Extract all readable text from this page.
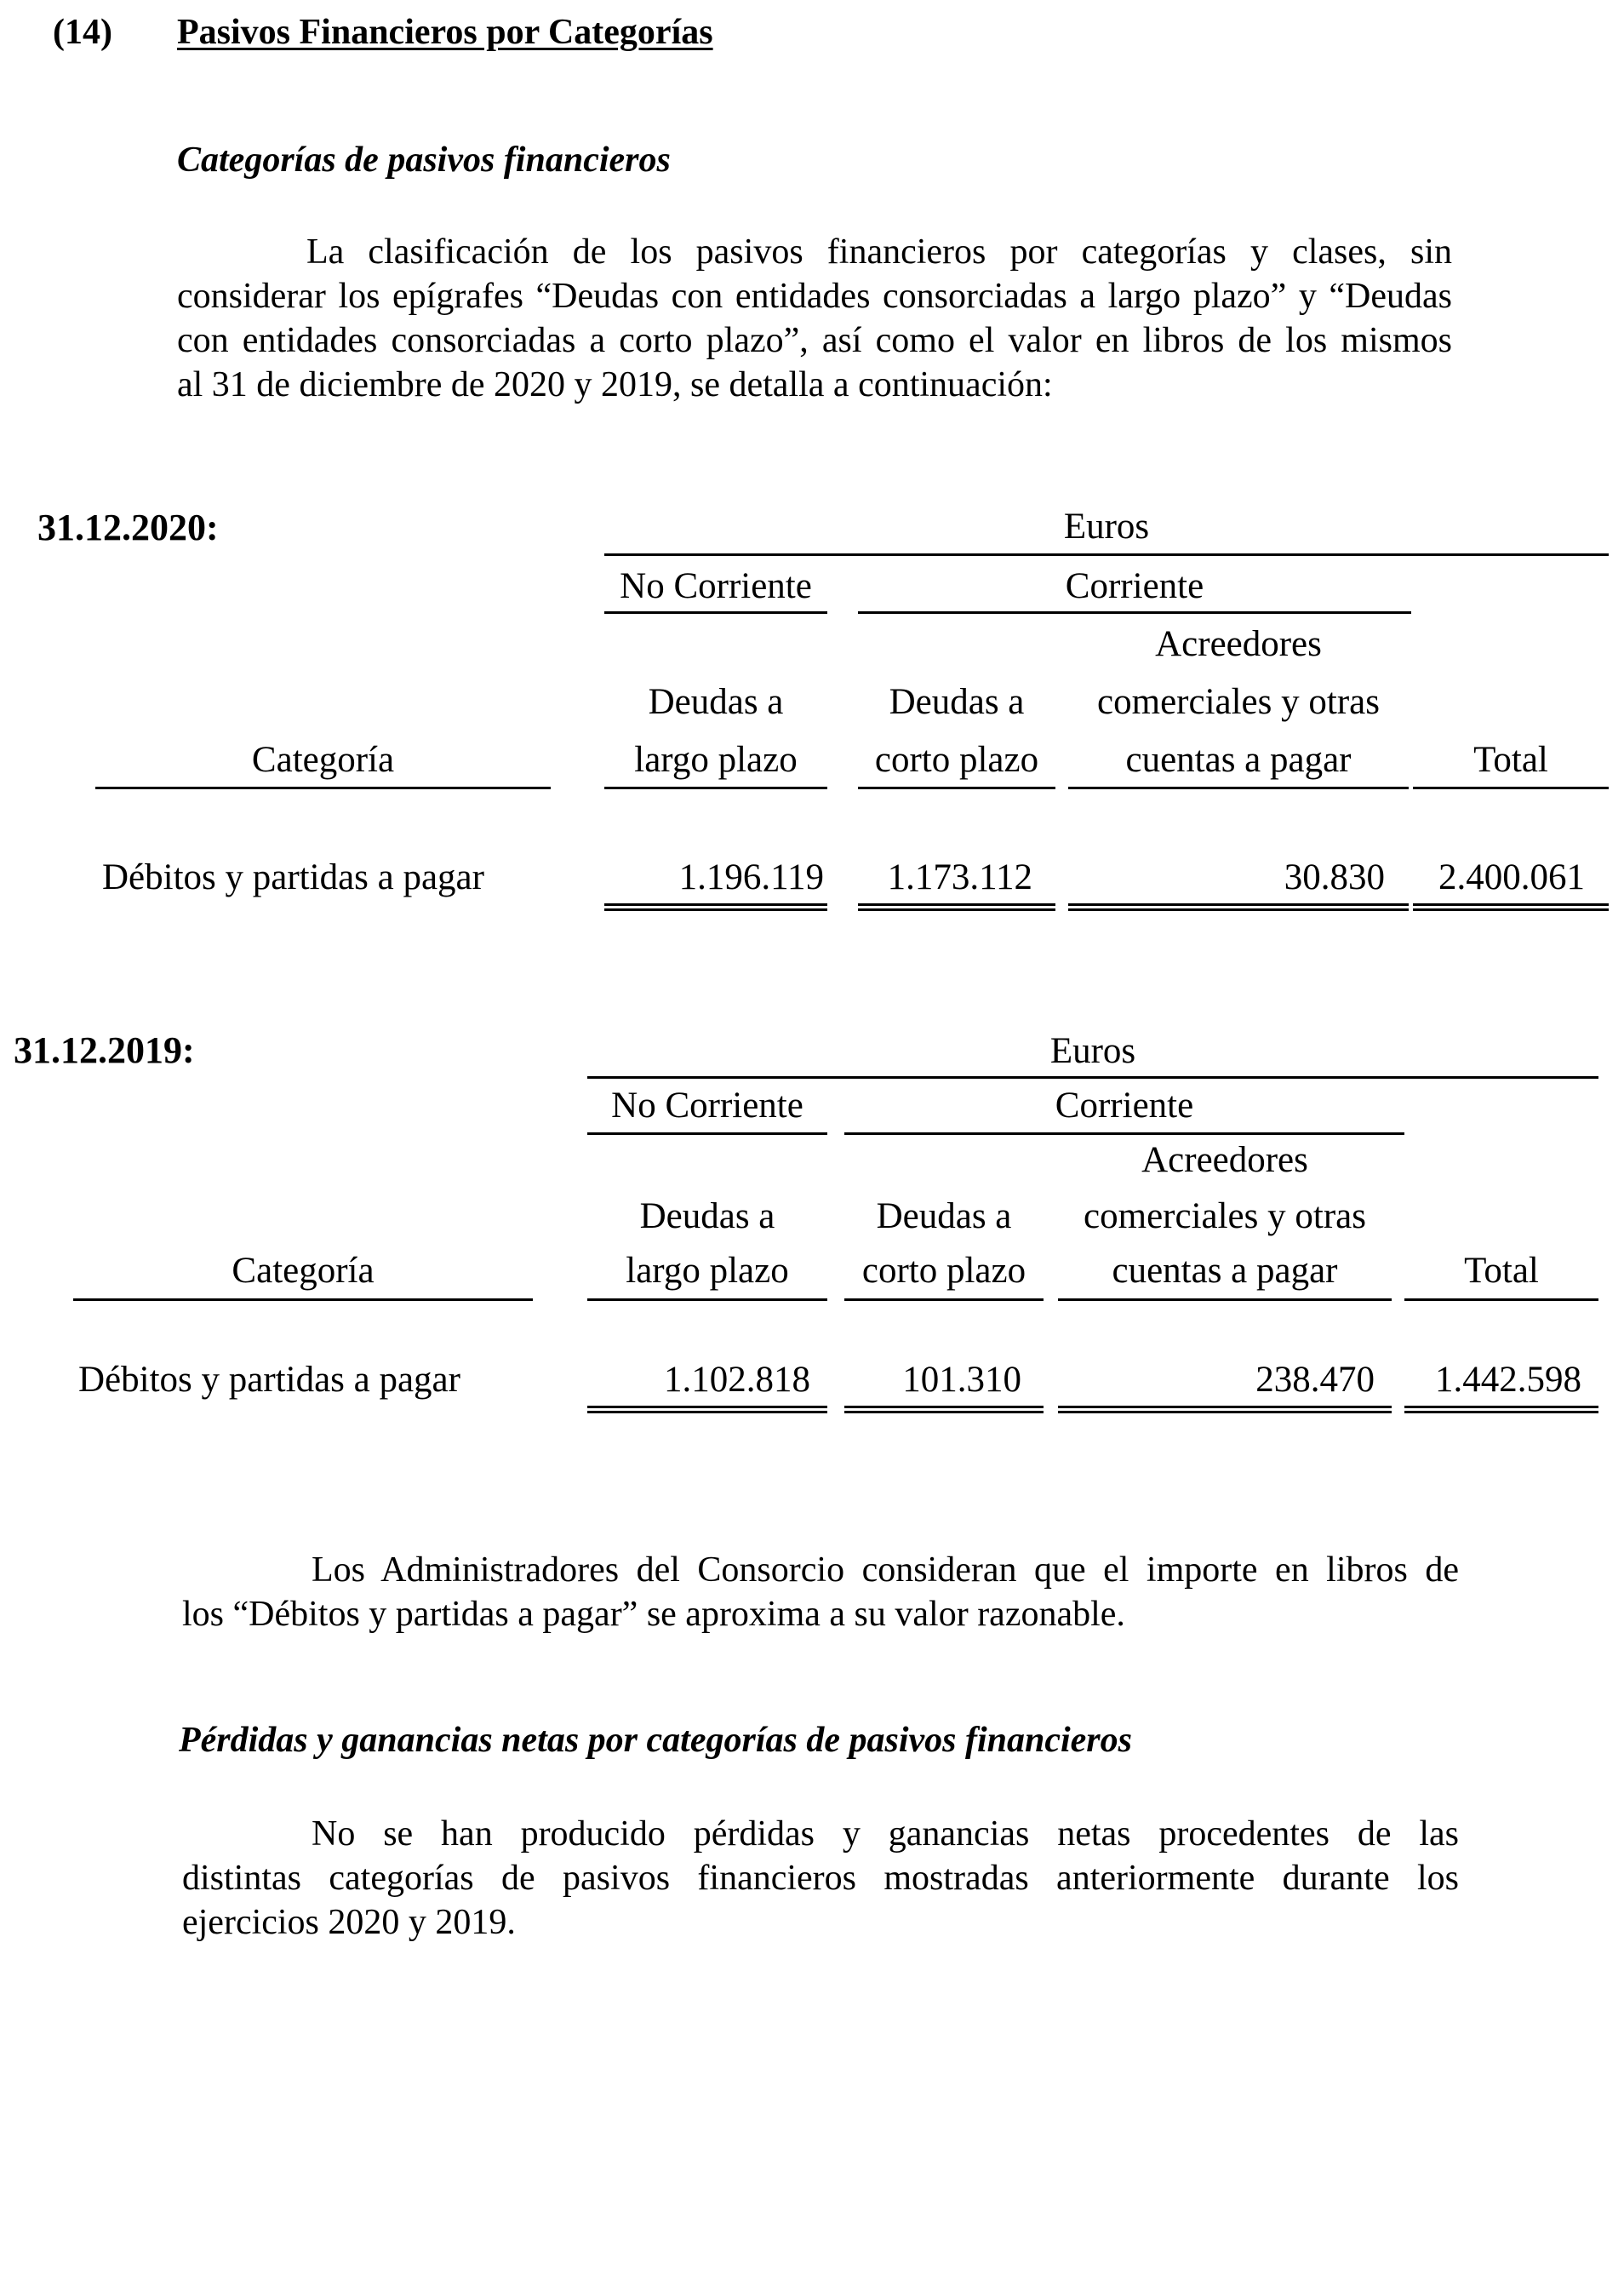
(14) Pasivos Financieros por Categorías
Categorías de pasivos financieros
La clasificación de los pasivos financieros por categorías y clases, sin
considerar los epígrafes “Deudas con entidades consorciadas a largo plazo” y “Deudas
con entidades consorciadas a corto plazo”, así como el valor en libros de los mismos
al 31 de diciembre de 2020 y 2019, se detalla a continuación:
31.12.2020:	Euros
No Corriente	Corriente
Acreedores
Deudas a	Deudas a	comerciales y otras
Categoría	largo plazo	corto plazo	cuentas a pagar	Total
Débitos y partidas a pagar	1.196.119	1.173.112	30.830	2.400.061
31.12.2019:	Euros
No Corriente	Corriente
Acreedores
Deudas a	Deudas a	comerciales y otras
Categoría	largo plazo	corto plazo	cuentas a pagar	Total
Débitos y partidas a pagar	1.102.818	101.310	238.470	1.442.598
Los Administradores del Consorcio consideran que el importe en libros de
los “Débitos y partidas a pagar” se aproxima a su valor razonable.
Pérdidas y ganancias netas por categorías de pasivos financieros
No se han producido pérdidas y ganancias netas procedentes de las
distintas categorías de pasivos financieros mostradas anteriormente durante los
ejercicios 2020 y 2019.
